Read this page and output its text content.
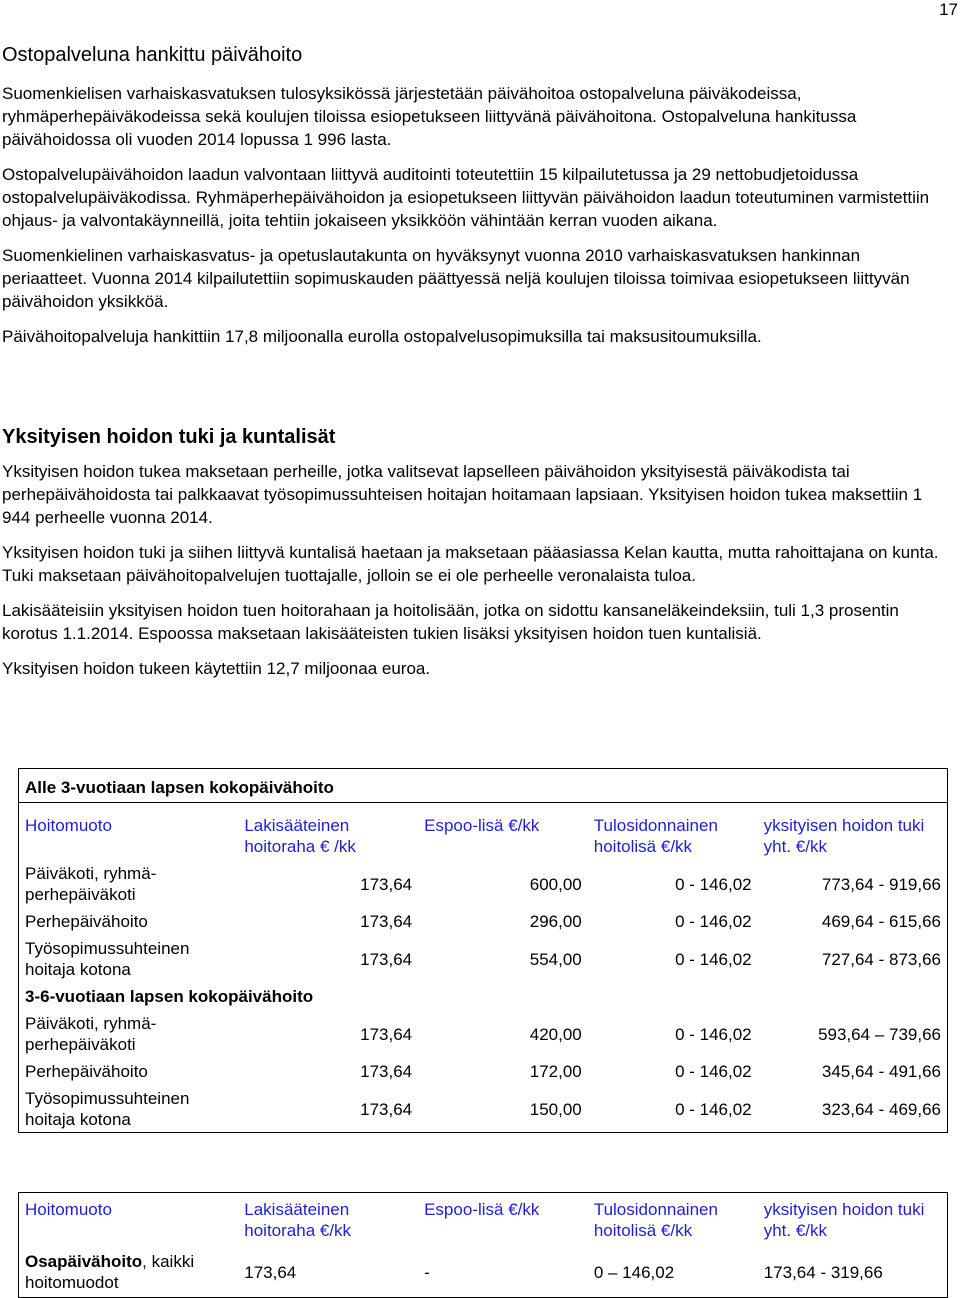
17
Ostopalveluna hankittu päivähoito

Suomenkielisen varhaiskasvatuksen tulosyksikössä järjestetään päivähoitoa ostopalveluna päiväkodeissa, ryhmäperhepäiväkodeissa sekä koulujen tiloissa esiopetukseen liittyvänä päivähoitona. Ostopalveluna hankitussa päivähoidossa oli vuoden 2014 lopussa 1 996 lasta.

Ostopalvelupäivähoidon laadun valvontaan liittyvä auditointi toteutettiin 15 kilpailutetussa ja 29 nettobudjetoidussa ostopalvelupäiväkodissa. Ryhmäperhepäivähoidon ja esiopetukseen liittyvän päivähoidon laadun toteutuminen varmistettiin ohjaus- ja valvontakäynneillä, joita tehtiin jokaiseen yksikköön vähintään kerran vuoden aikana.

Suomenkielinen varhaiskasvatus- ja opetuslautakunta on hyväksynyt vuonna 2010 varhaiskasvatuksen hankinnan periaatteet. Vuonna 2014 kilpailutettiin sopimuskauden päättyessä neljä koulujen tiloissa toimivaa esiopetukseen liittyvän päivähoidon yksikköä.

Päivähoitopalveluja hankittiin 17,8 miljoonalla eurolla ostopalvelusopimuksilla tai maksusitoumuksilla.

Yksityisen hoidon tuki ja kuntalisät

Yksityisen hoidon tukea maksetaan perheille, jotka valitsevat lapselleen päivähoidon yksityisestä päiväkodista tai perhepäivähoidosta tai palkkaavat työsopimussuhteisen hoitajan hoitamaan lapsiaan. Yksityisen hoidon tukea maksettiin 1 944 perheelle vuonna 2014.

Yksityisen hoidon tuki ja siihen liittyvä kuntalisä haetaan ja maksetaan pääasiassa Kelan kautta, mutta rahoittajana on kunta. Tuki maksetaan päivähoitopalvelujen tuottajalle, jolloin se ei ole perheelle veronalaista tuloa.

Lakisääteisiin yksityisen hoidon tuen hoitorahaan ja hoitolisään, jotka on sidottu kansaneläkeindeksiin, tuli 1,3 prosentin korotus 1.1.2014. Espoossa maksetaan lakisääteisten tukien lisäksi yksityisen hoidon tuen kuntalisiä.

Yksityisen hoidon tukeen käytettiin 12,7 miljoonaa euroa.

Alle 3-vuotiaan lapsen kokopäivähoito				
Hoitomuoto	Lakisääteinen hoitoraha € /kk	Espoo-lisä €/kk	Tulosidonnainen hoitolisä €/kk	yksityisen hoidon tuki yht. €/kk
Päiväkoti, ryhmä-perhepäiväkoti	173,64	600,00	0 - 146,02	773,64 - 919,66
Perhepäivähoito	173,64	296,00	0 - 146,02	469,64 - 615,66
Työsopimussuhteinen hoitaja kotona	173,64	554,00	0 - 146,02	727,64 - 873,66
3-6-vuotiaan lapsen kokopäivähoito				
Päiväkoti, ryhmä-perhepäiväkoti	173,64	420,00	0 - 146,02	593,64 – 739,66
Perhepäivähoito	173,64	172,00	0 - 146,02	345,64 - 491,66
Työsopimussuhteinen hoitaja kotona	173,64	150,00	0 - 146,02	323,64 - 469,66
Hoitomuoto	Lakisääteinen hoitoraha €/kk	Espoo-lisä €/kk	Tulosidonnainen hoitolisä €/kk	yksityisen hoidon tuki yht. €/kk
Osapäivähoito, kaikki hoitomuodot	173,64	-	0 – 146,02	173,64 - 319,66
